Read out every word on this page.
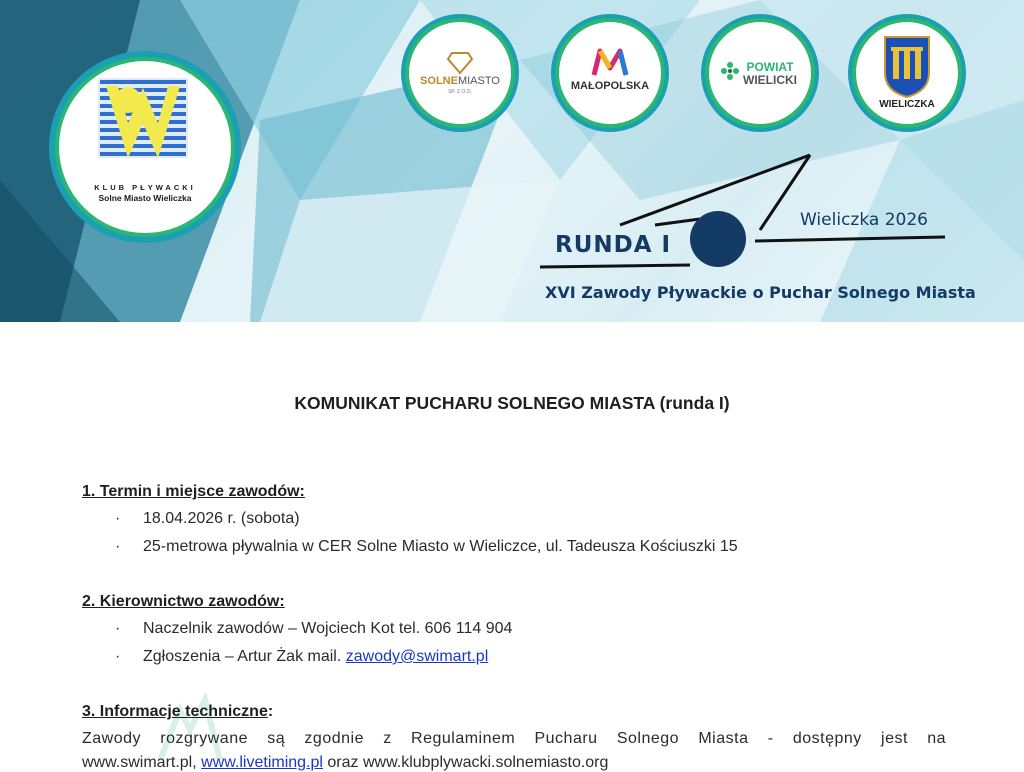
KLUB PŁYWACKI
Solne Miasto Wieliczka
SOLNEMIASTO
SP. Z O.O.	MAŁOPOLSKA
POWIAT
WIELICKI
WIELICZKA
RUNDA I
Wieliczka 2026
XVI Zawody Pływackie o Puchar Solnego Miasta
KOMUNIKAT PUCHARU SOLNEGO MIASTA (runda I)
1. Termin i miejsce zawodów:
· 18.04.2026 r. (sobota)
· 25-metrowa pływalnia w CER Solne Miasto w Wieliczce, ul. Tadeusza Kościuszki 15
2. Kierownictwo zawodów:
· Naczelnik zawodów – Wojciech Kot tel. 606 114 904
· Zgłoszenia – Artur Żak mail. zawody@swimart.pl
3. Informacje techniczne:
Zawody rozgrywane są zgodnie z Regulaminem Pucharu Solnego Miasta - dostępny jest na
www.swimart.pl, www.livetiming.pl oraz www.klubplywacki.solnemiasto.org
